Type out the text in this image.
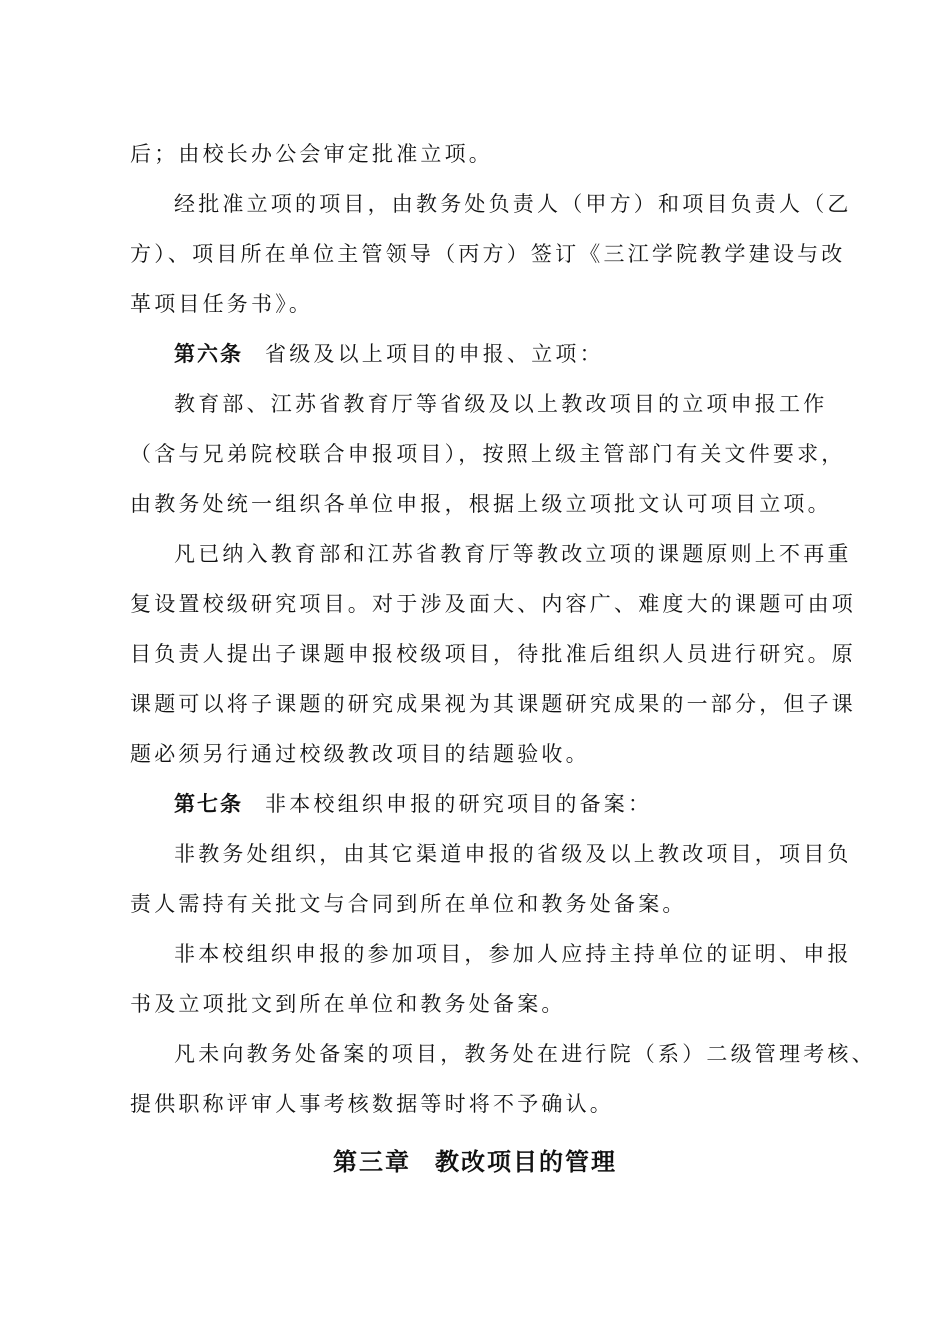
后；由校长办公会审定批准立项。
经批准立项的项目，由教务处负责人（甲方）和项目负责人（乙
方）、项目所在单位主管领导（丙方）签订《三江学院教学建设与改
革项目任务书》。
第六条 省级及以上项目的申报、立项：
教育部、江苏省教育厅等省级及以上教改项目的立项申报工作
（含与兄弟院校联合申报项目），按照上级主管部门有关文件要求，
由教务处统一组织各单位申报，根据上级立项批文认可项目立项。
凡已纳入教育部和江苏省教育厅等教改立项的课题原则上不再重
复设置校级研究项目。对于涉及面大、内容广、难度大的课题可由项
目负责人提出子课题申报校级项目，待批准后组织人员进行研究。原
课题可以将子课题的研究成果视为其课题研究成果的一部分，但子课
题必须另行通过校级教改项目的结题验收。
第七条 非本校组织申报的研究项目的备案：
非教务处组织，由其它渠道申报的省级及以上教改项目，项目负
责人需持有关批文与合同到所在单位和教务处备案。
非本校组织申报的参加项目，参加人应持主持单位的证明、申报
书及立项批文到所在单位和教务处备案。
凡未向教务处备案的项目，教务处在进行院（系）二级管理考核、
提供职称评审人事考核数据等时将不予确认。
第三章 教改项目的管理
